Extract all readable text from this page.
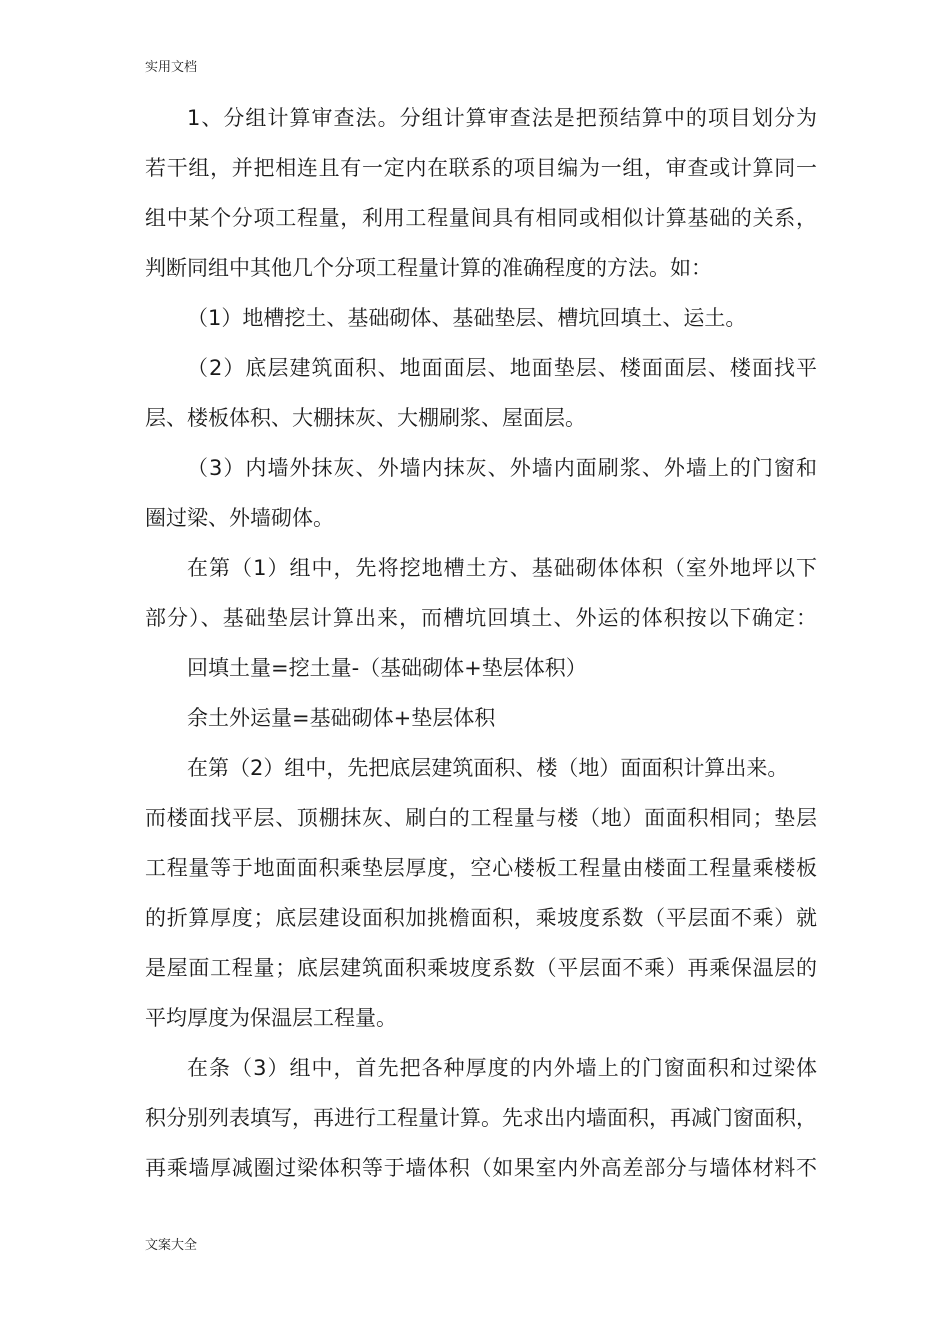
实用文档
1、分组计算审查法。分组计算审查法是把预结算中的项目划分为
若干组，并把相连且有一定内在联系的项目编为一组，审查或计算同一
组中某个分项工程量，利用工程量间具有相同或相似计算基础的关系，
判断同组中其他几个分项工程量计算的准确程度的方法。如：
（1）地槽挖土、基础砌体、基础垫层、槽坑回填土、运土。
（2）底层建筑面积、地面面层、地面垫层、楼面面层、楼面找平
层、楼板体积、大棚抹灰、大棚刷浆、屋面层。
（3）内墙外抹灰、外墙内抹灰、外墙内面刷浆、外墙上的门窗和
圈过梁、外墙砌体。
在第（1）组中，先将挖地槽土方、基础砌体体积（室外地坪以下
部分）、基础垫层计算出来，而槽坑回填土、外运的体积按以下确定：
回填土量=挖土量-（基础砌体+垫层体积）
余土外运量=基础砌体+垫层体积
在第（2）组中，先把底层建筑面积、楼（地）面面积计算出来。
而楼面找平层、顶棚抹灰、刷白的工程量与楼（地）面面积相同；垫层
工程量等于地面面积乘垫层厚度，空心楼板工程量由楼面工程量乘楼板
的折算厚度；底层建设面积加挑檐面积，乘坡度系数（平层面不乘）就
是屋面工程量；底层建筑面积乘坡度系数（平层面不乘）再乘保温层的
平均厚度为保温层工程量。
在条（3）组中，首先把各种厚度的内外墙上的门窗面积和过梁体
积分别列表填写，再进行工程量计算。先求出内墙面积，再减门窗面积，
再乘墙厚减圈过梁体积等于墙体积（如果室内外高差部分与墙体材料不
文案大全
